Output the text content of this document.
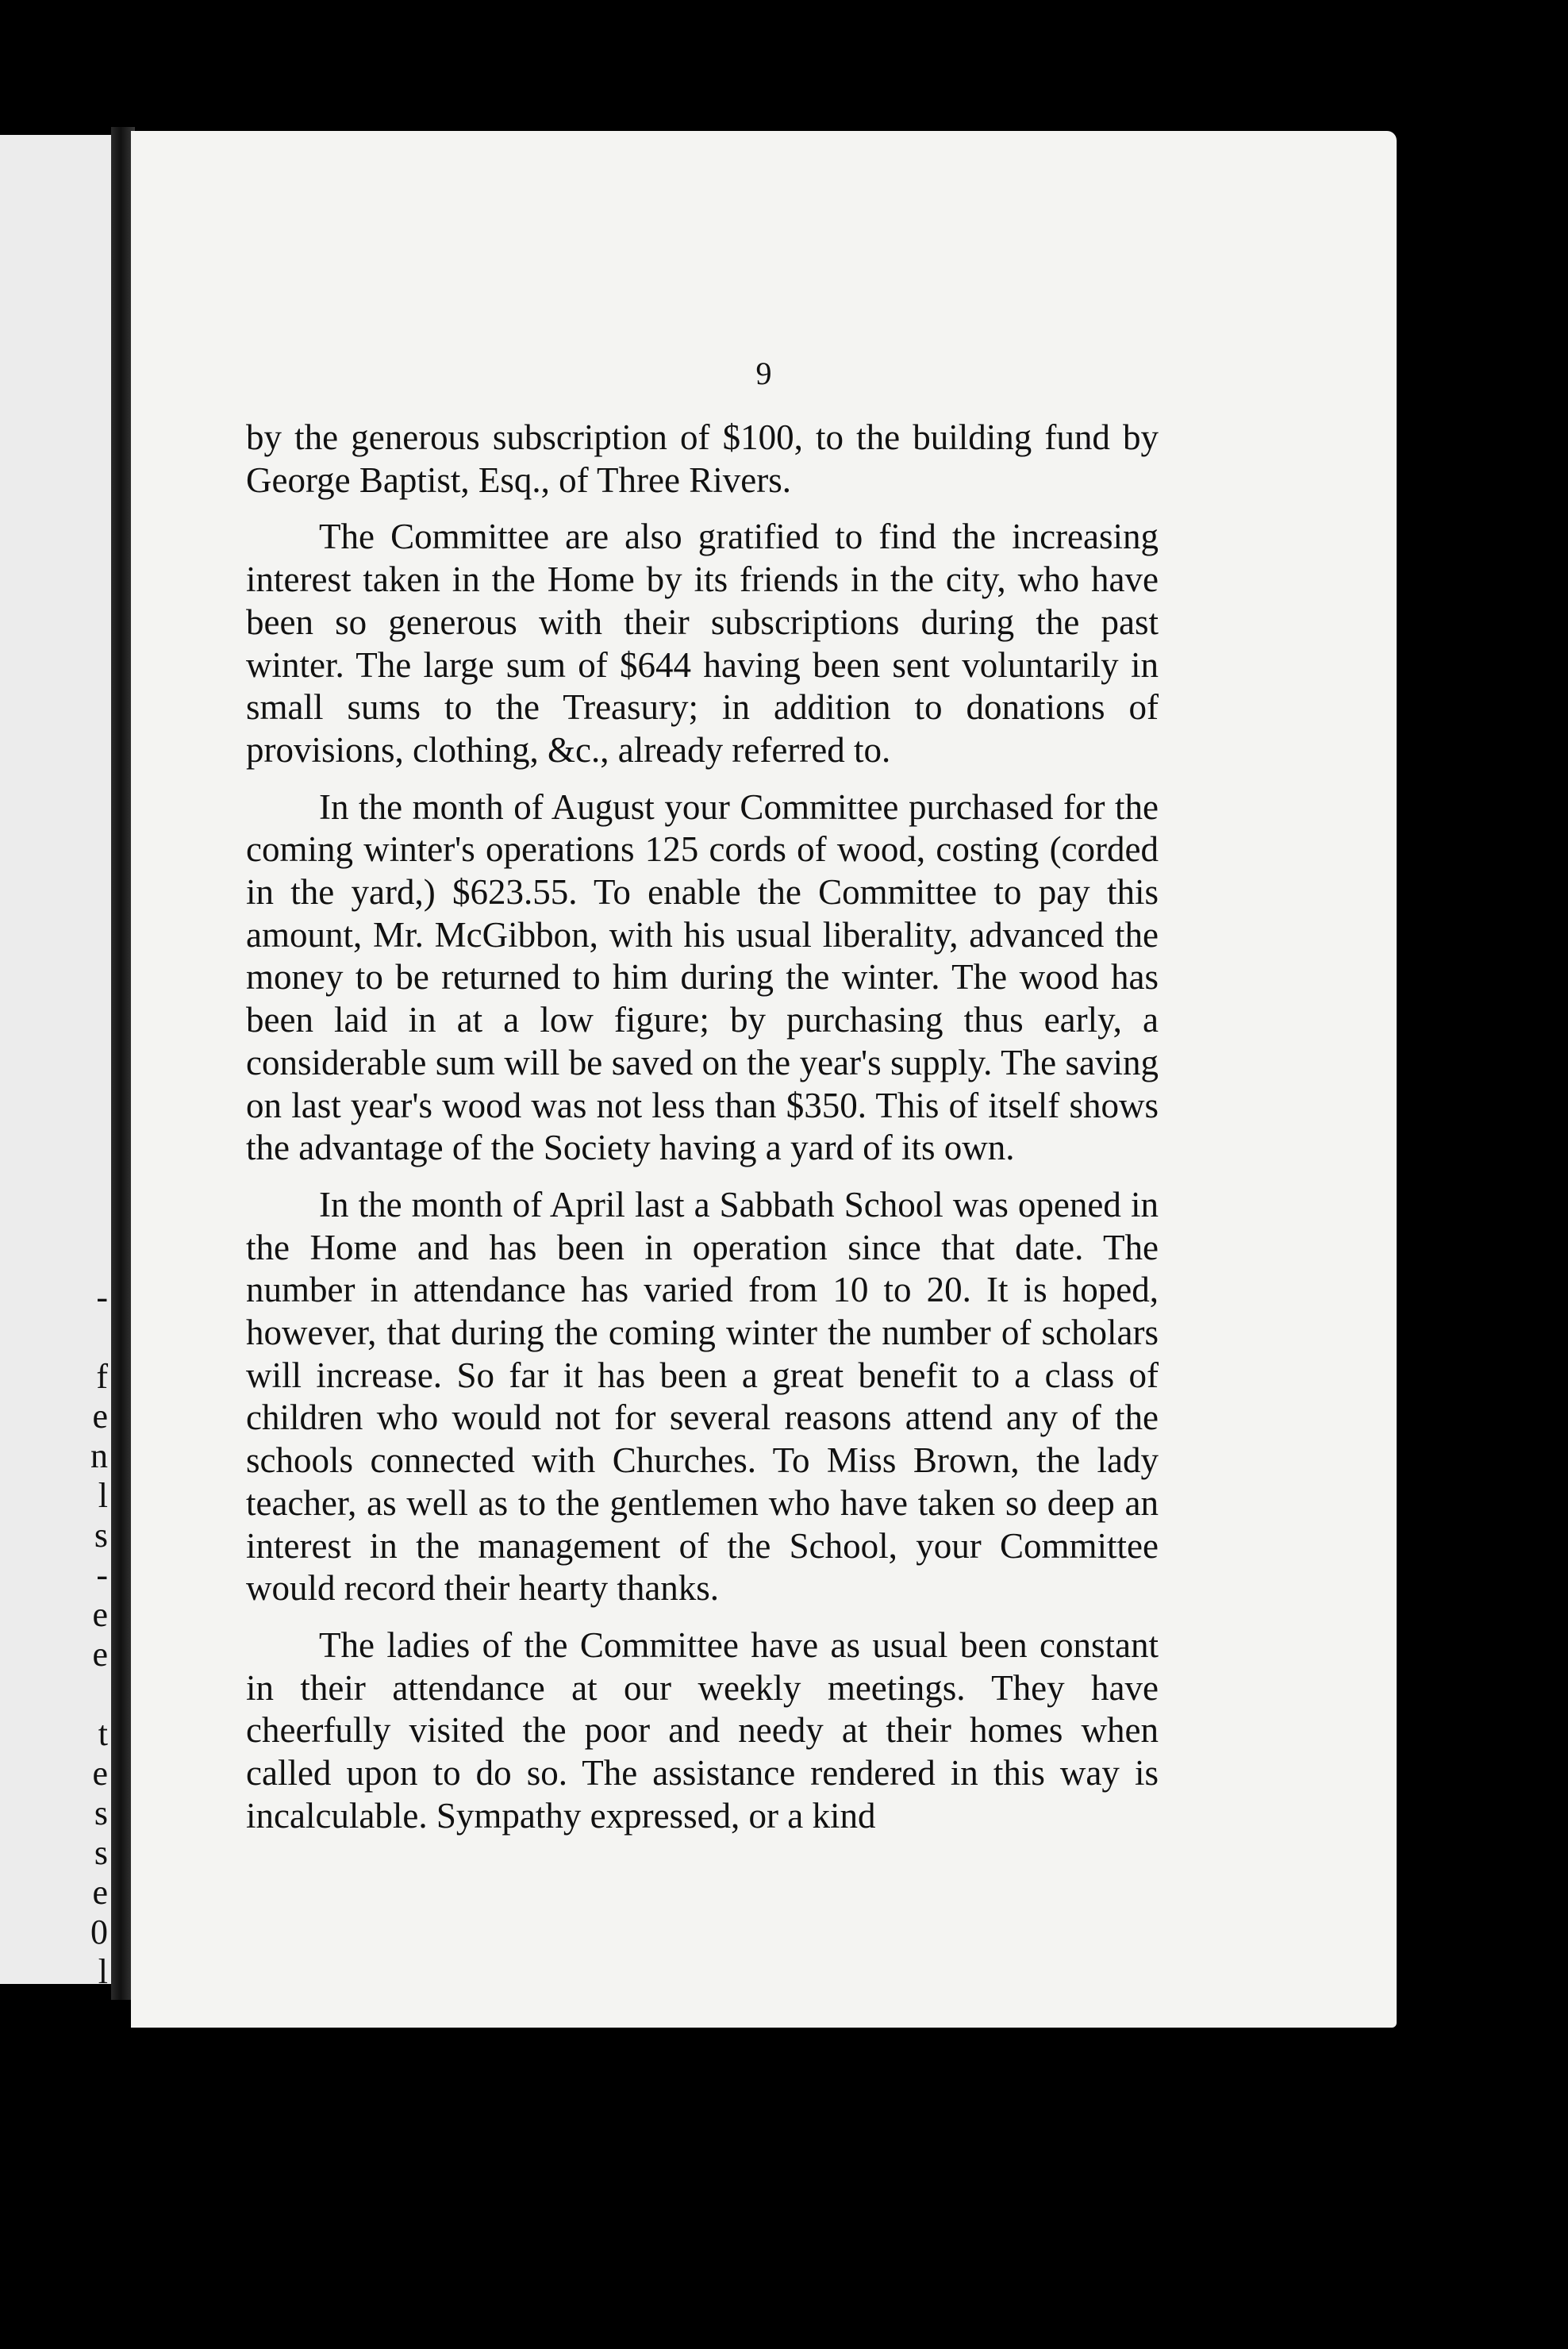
-

f
e
n
l
s
-
e
e

t
e
s
s
e
0
l
9

by the generous subscription of $100, to the building fund by George Baptist, Esq., of Three Rivers.

The Committee are also gratified to find the increasing interest taken in the Home by its friends in the city, who have been so generous with their subscriptions during the past winter. The large sum of $644 having been sent voluntarily in small sums to the Treasury; in addition to donations of provisions, clothing, &c., already referred to.

In the month of August your Committee purchased for the coming winter's operations 125 cords of wood, costing (corded in the yard,) $623.55. To enable the Committee to pay this amount, Mr. McGibbon, with his usual liberality, advanced the money to be returned to him during the winter. The wood has been laid in at a low figure; by purchasing thus early, a considerable sum will be saved on the year's supply. The saving on last year's wood was not less than $350. This of itself shows the advantage of the Society having a yard of its own.

In the month of April last a Sabbath School was opened in the Home and has been in operation since that date. The number in attendance has varied from 10 to 20. It is hoped, however, that during the coming winter the number of scholars will increase. So far it has been a great benefit to a class of children who would not for several reasons attend any of the schools connected with Churches. To Miss Brown, the lady teacher, as well as to the gentlemen who have taken so deep an interest in the management of the School, your Committee would record their hearty thanks.

The ladies of the Committee have as usual been constant in their attendance at our weekly meetings. They have cheerfully visited the poor and needy at their homes when called upon to do so. The assistance rendered in this way is incalculable. Sympathy expressed, or a kind
